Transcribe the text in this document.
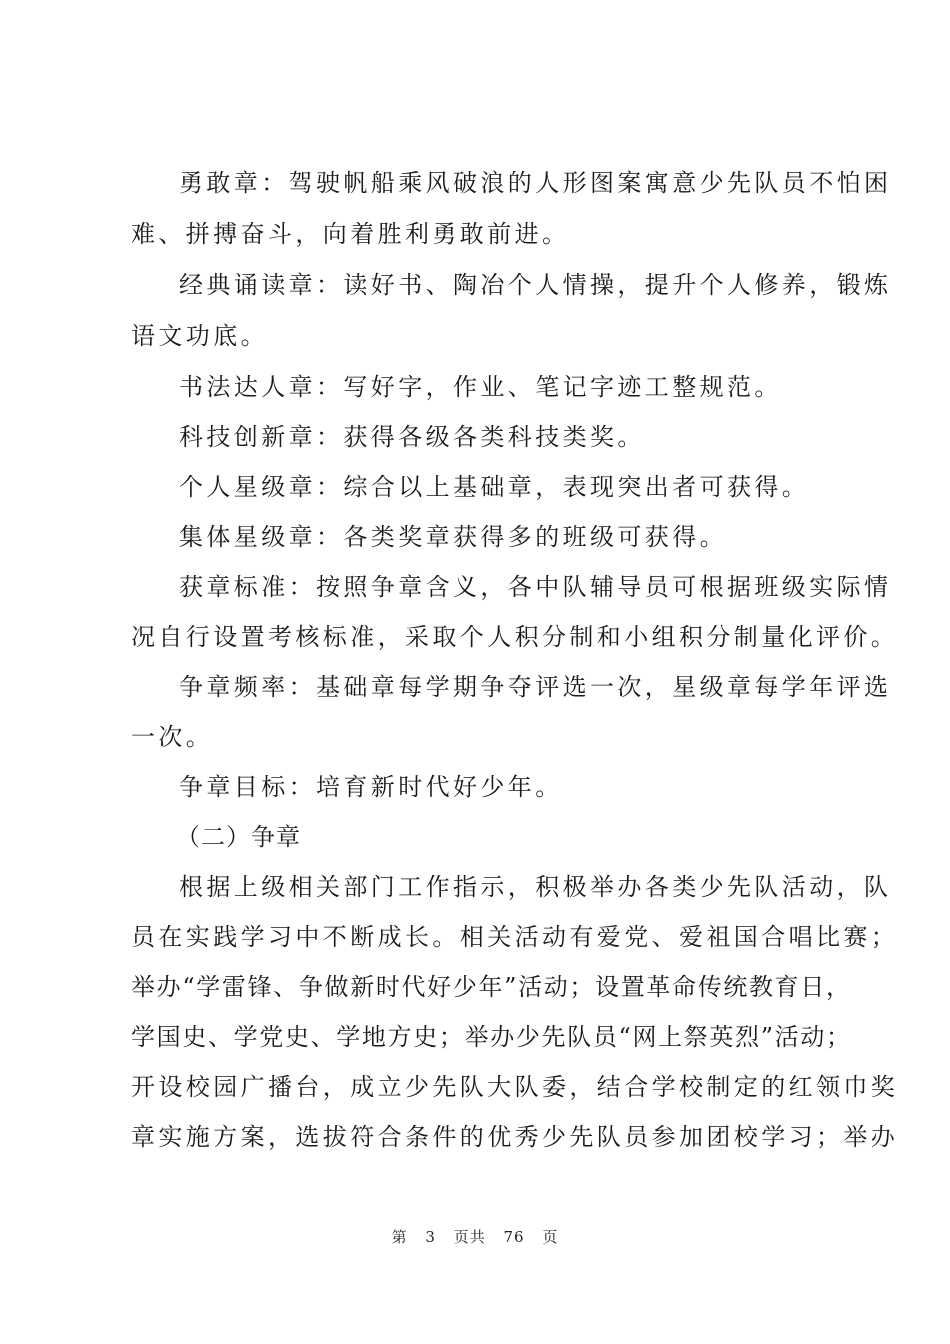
勇敢章：驾驶帆船乘风破浪的人形图案寓意少先队员不怕困
难、拼搏奋斗，向着胜利勇敢前进。
经典诵读章：读好书、陶冶个人情操，提升个人修养，锻炼
语文功底。
书法达人章：写好字，作业、笔记字迹工整规范。
科技创新章：获得各级各类科技类奖。
个人星级章：综合以上基础章，表现突出者可获得。
集体星级章：各类奖章获得多的班级可获得。
获章标准：按照争章含义，各中队辅导员可根据班级实际情
况自行设置考核标准，采取个人积分制和小组积分制量化评价。
争章频率：基础章每学期争夺评选一次，星级章每学年评选
一次。
争章目标：培育新时代好少年。
（二）争章
根据上级相关部门工作指示，积极举办各类少先队活动，队
员在实践学习中不断成长。相关活动有爱党、爱祖国合唱比赛；
举办“学雷锋、争做新时代好少年”活动；设置革命传统教育日，
学国史、学党史、学地方史；举办少先队员“网上祭英烈”活动；
开设校园广播台，成立少先队大队委，结合学校制定的红领巾奖
章实施方案，选拔符合条件的优秀少先队员参加团校学习；举办
第 3 页共 76 页
